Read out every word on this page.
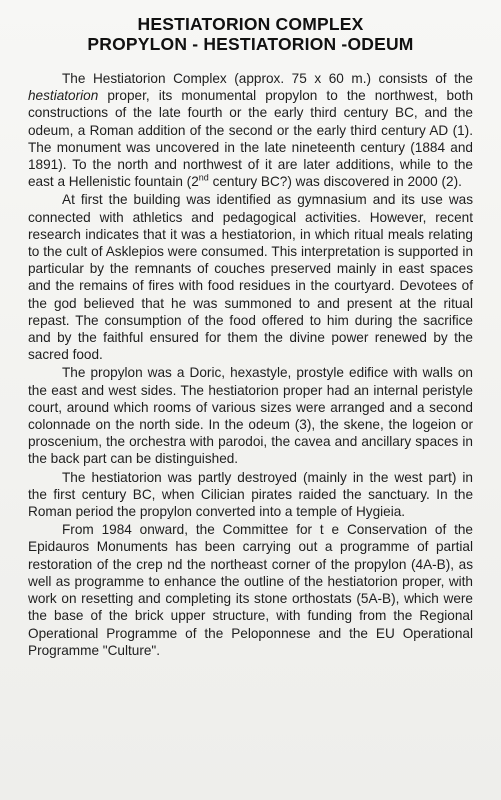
HESTIATORION COMPLEX
PROPYLON - HESTIATORION -ODEUM

The Hestiatorion Complex (approx. 75 x 60 m.) consists of the hestiatorion proper, its monumental propylon to the northwest, both constructions of the late fourth or the early third century BC, and the odeum, a Roman addition of the second or the early third century AD (1). The monument was uncovered in the late nineteenth century (1884 and 1891). To the north and northwest of it are later additions, while to the east a Hellenistic fountain (2nd century BC?) was discovered in 2000 (2).

At first the building was identified as gymnasium and its use was connected with athletics and pedagogical activities. However, recent research indicates that it was a hestiatorion, in which ritual meals relating to the cult of Asklepios were consumed. This interpretation is supported in particular by the remnants of couches preserved mainly in east spaces and the remains of fires with food residues in the courtyard. Devotees of the god believed that he was summoned to and present at the ritual repast. The consumption of the food offered to him during the sacrifice and by the faithful ensured for them the divine power renewed by the sacred food.

The propylon was a Doric, hexastyle, prostyle edifice with walls on the east and west sides. The hestiatorion proper had an internal peristyle court, around which rooms of various sizes were arranged and a second colonnade on the north side. In the odeum (3), the skene, the logeion or proscenium, the orchestra with parodoi, the cavea and ancillary spaces in the back part can be distinguished.

The hestiatorion was partly destroyed (mainly in the west part) in the first century BC, when Cilician pirates raided the sanctuary. In the Roman period the propylon converted into a temple of Hygieia.

From 1984 onward, the Committee for t e Conservation of the Epidauros Monuments has been carrying out a programme of partial restoration of the crep nd the northeast corner of the propylon (4A-B), as well as programme to enhance the outline of the hestiatorion proper, with work on resetting and completing its stone orthostats (5A-B), which were the base of the brick upper structure, with funding from the Regional Operational Programme of the Peloponnese and the EU Operational Programme "Culture".
